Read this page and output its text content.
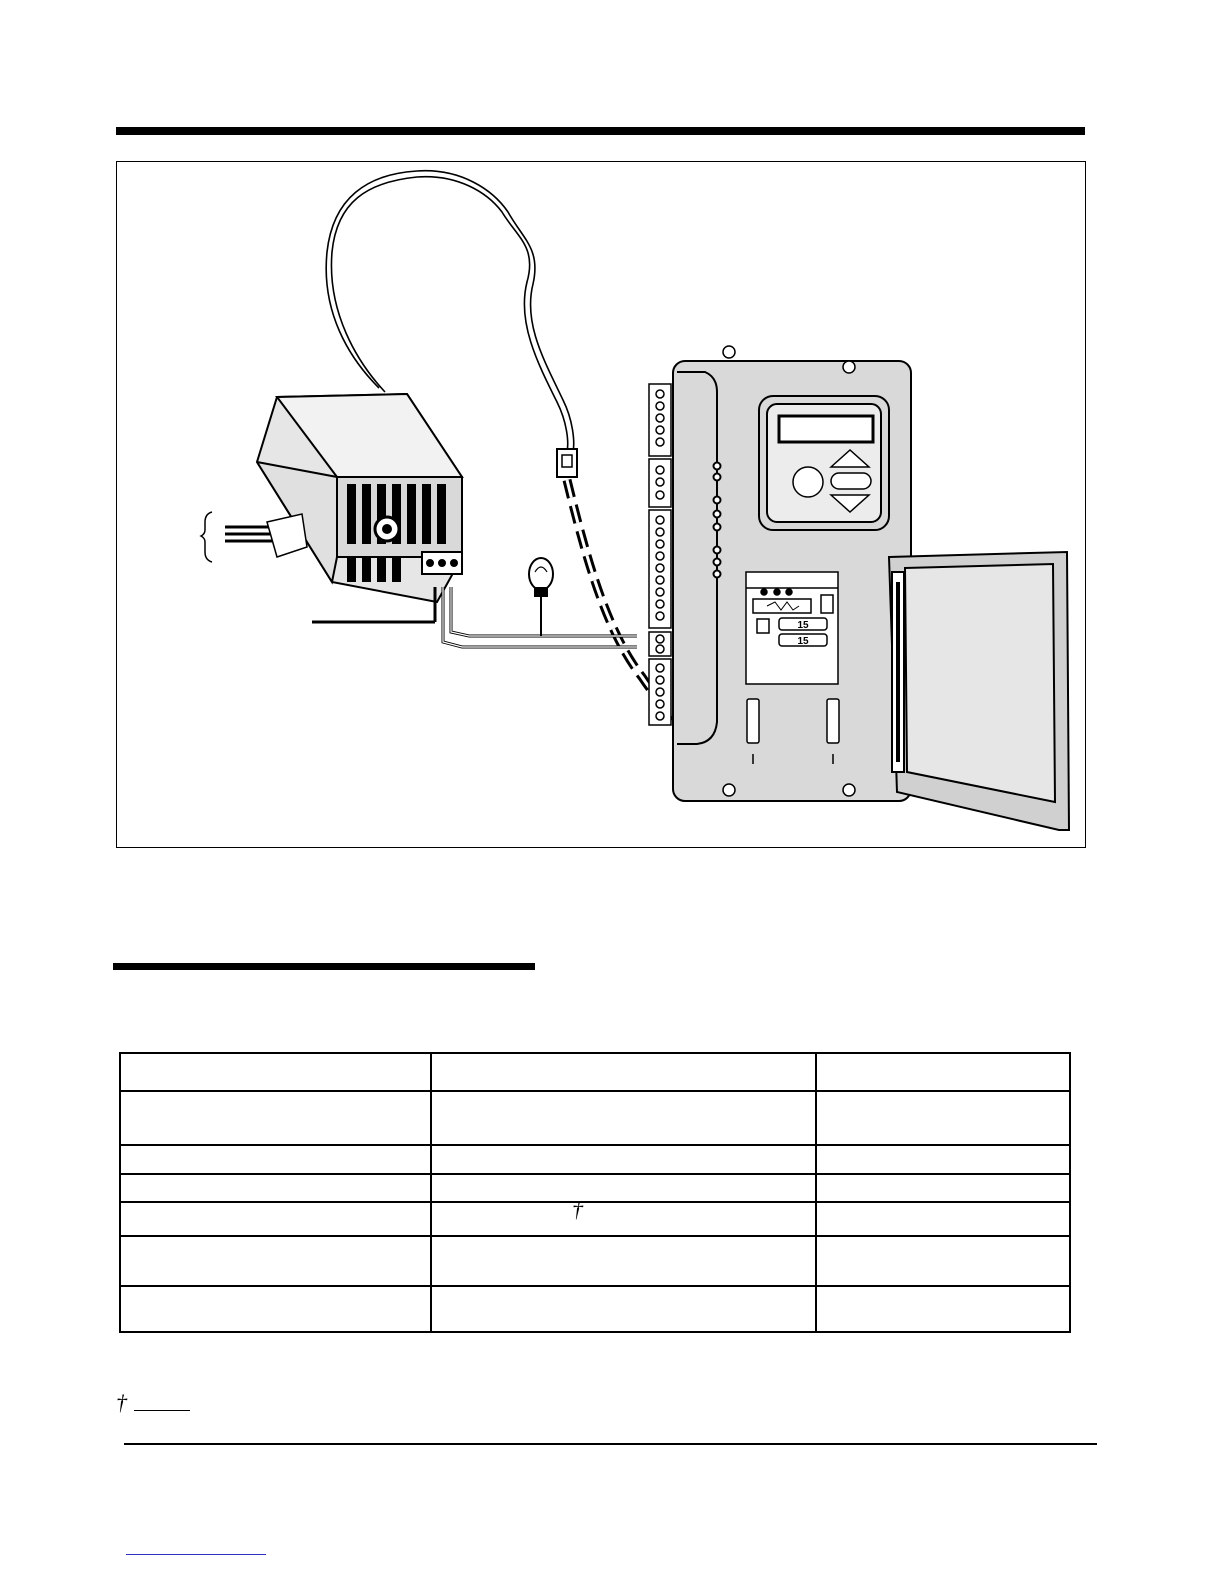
15
15

	†	

†
